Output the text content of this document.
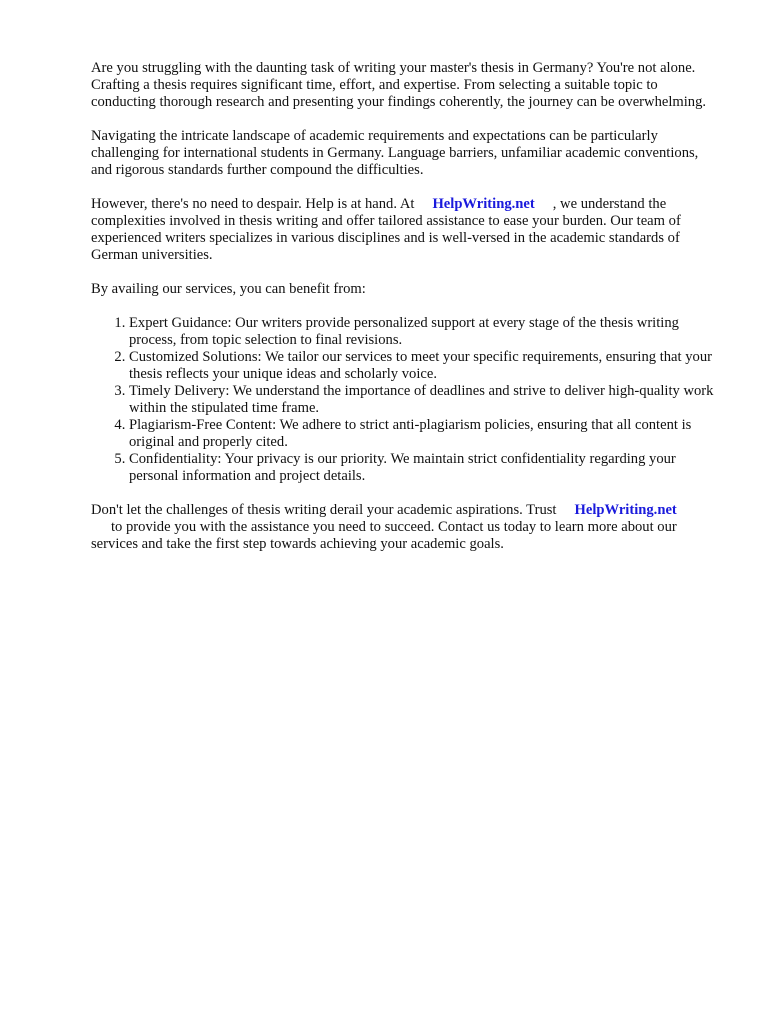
Are you struggling with the daunting task of writing your master's thesis in Germany? You're not alone. Crafting a thesis requires significant time, effort, and expertise. From selecting a suitable topic to conducting thorough research and presenting your findings coherently, the journey can be overwhelming.

Navigating the intricate landscape of academic requirements and expectations can be particularly challenging for international students in Germany. Language barriers, unfamiliar academic conventions, and rigorous standards further compound the difficulties.

However, there's no need to despair. Help is at hand. At HelpWriting.net , we understand the complexities involved in thesis writing and offer tailored assistance to ease your burden. Our team of experienced writers specializes in various disciplines and is well-versed in the academic standards of German universities.

By availing our services, you can benefit from:

1. Expert Guidance: Our writers provide personalized support at every stage of the thesis writing process, from topic selection to final revisions.
2. Customized Solutions: We tailor our services to meet your specific requirements, ensuring that your thesis reflects your unique ideas and scholarly voice.
3. Timely Delivery: We understand the importance of deadlines and strive to deliver high-quality work within the stipulated time frame.
4. Plagiarism-Free Content: We adhere to strict anti-plagiarism policies, ensuring that all content is original and properly cited.
5. Confidentiality: Your privacy is our priority. We maintain strict confidentiality regarding your personal information and project details.

Don't let the challenges of thesis writing derail your academic aspirations. Trust HelpWriting.net
to provide you with the assistance you need to succeed. Contact us today to learn more about our services and take the first step towards achieving your academic goals.
